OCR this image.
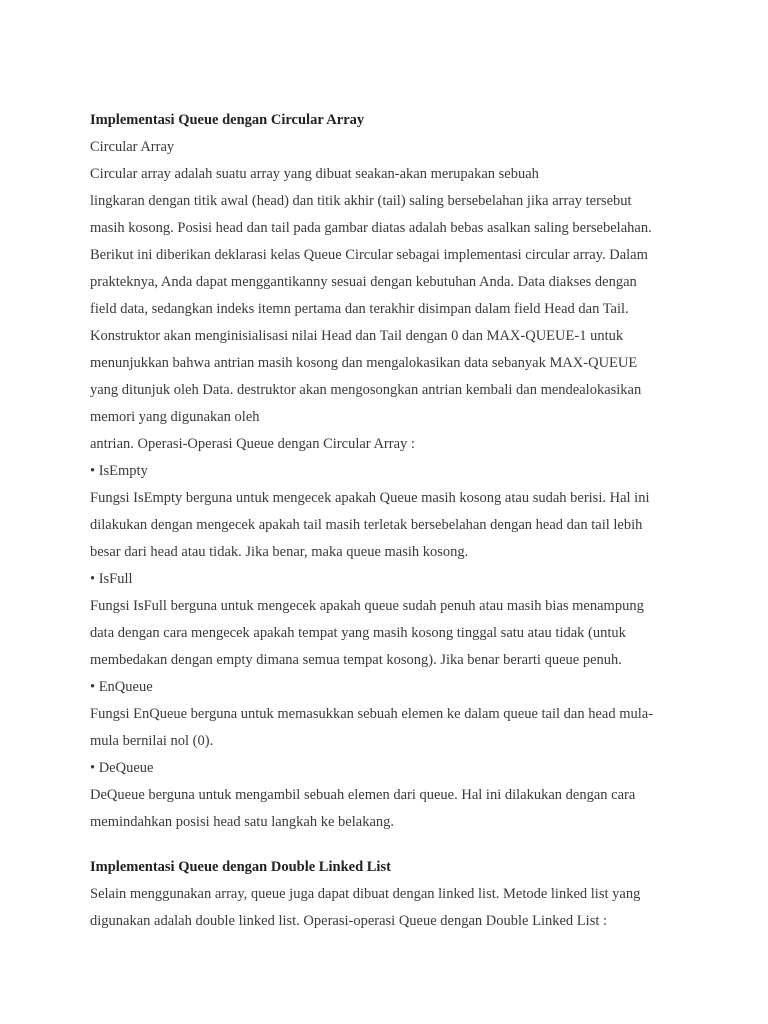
Implementasi Queue dengan Circular Array
Circular Array
Circular array adalah suatu array yang dibuat seakan-akan merupakan sebuah
lingkaran dengan titik awal (head) dan titik akhir (tail) saling bersebelahan jika array tersebut
masih kosong. Posisi head dan tail pada gambar diatas adalah bebas asalkan saling bersebelahan.
Berikut ini diberikan deklarasi kelas Queue Circular sebagai implementasi circular array. Dalam
prakteknya, Anda dapat menggantikanny sesuai dengan kebutuhan Anda. Data diakses dengan
field data, sedangkan indeks itemn pertama dan terakhir disimpan dalam field Head dan Tail.
Konstruktor akan menginisialisasi nilai Head dan Tail dengan 0 dan MAX-QUEUE-1 untuk
menunjukkan bahwa antrian masih kosong dan mengalokasikan data sebanyak MAX-QUEUE
yang ditunjuk oleh Data. destruktor akan mengosongkan antrian kembali dan mendealokasikan
memori yang digunakan oleh
antrian. Operasi-Operasi Queue dengan Circular Array :
• IsEmpty
Fungsi IsEmpty berguna untuk mengecek apakah Queue masih kosong atau sudah berisi. Hal ini
dilakukan dengan mengecek apakah tail masih terletak bersebelahan dengan head dan tail lebih
besar dari head atau tidak. Jika benar, maka queue masih kosong.
• IsFull
Fungsi IsFull berguna untuk mengecek apakah queue sudah penuh atau masih bias menampung
data dengan cara mengecek apakah tempat yang masih kosong tinggal satu atau tidak (untuk
membedakan dengan empty dimana semua tempat kosong). Jika benar berarti queue penuh.
• EnQueue
Fungsi EnQueue berguna untuk memasukkan sebuah elemen ke dalam queue tail dan head mula-
mula bernilai nol (0).
• DeQueue
DeQueue berguna untuk mengambil sebuah elemen dari queue. Hal ini dilakukan dengan cara
memindahkan posisi head satu langkah ke belakang.
Implementasi Queue dengan Double Linked List
Selain menggunakan array, queue juga dapat dibuat dengan linked list. Metode linked list yang
digunakan adalah double linked list. Operasi-operasi Queue dengan Double Linked List :
